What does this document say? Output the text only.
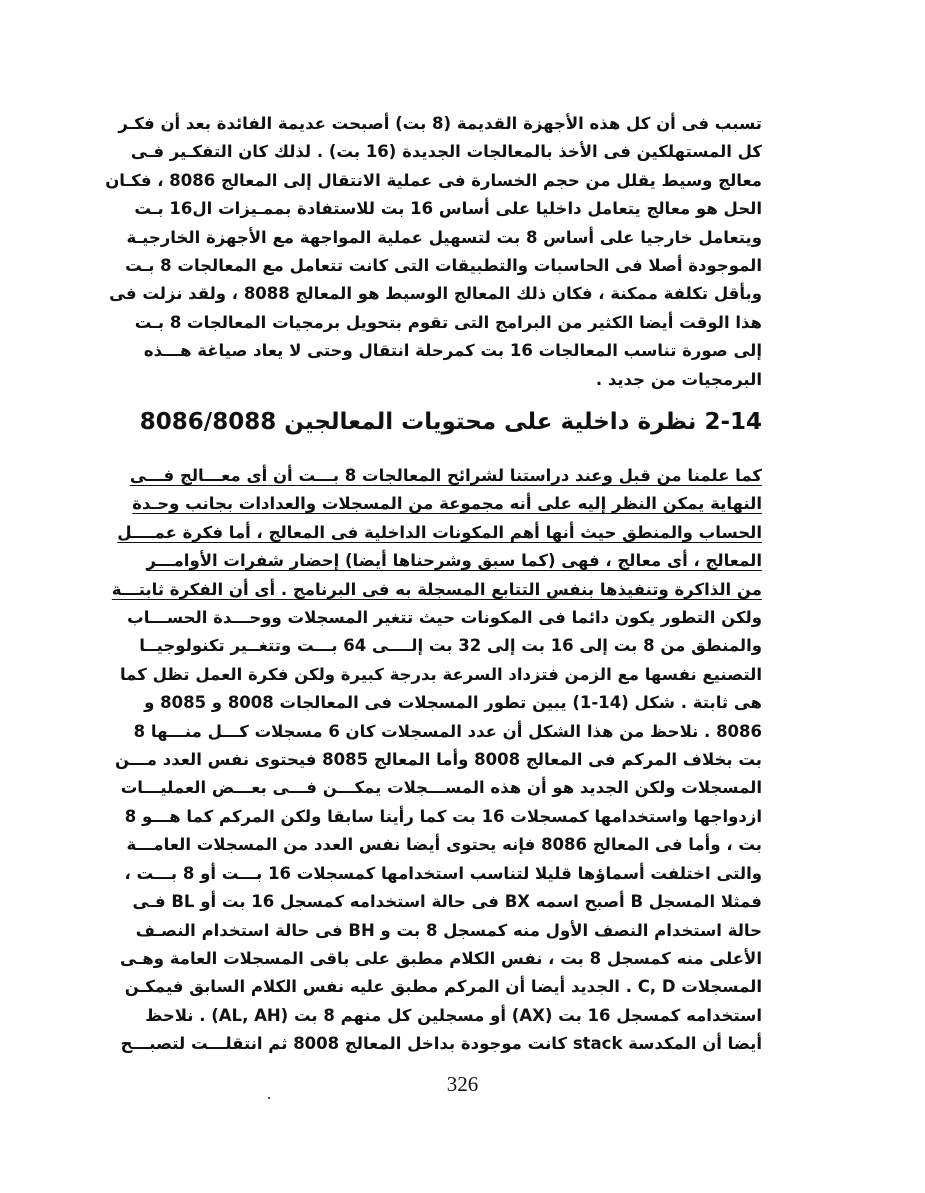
تسبب فى أن كل هذه الأجهزة القديمة (8 بت) أصبحت عديمة الفائدة بعد أن فكـر
كل المستهلكين فى الأخذ بالمعالجات الجديدة (16 بت) . لذلك كان التفكـير فـى
معالج وسيط يقلل من حجم الخسارة فى عملية الانتقال إلى المعالج 8086 ، فكـان
الحل هو معالج يتعامل داخليا على أساس 16 بت للاستفادة بممـيزات ال16 بـت
ويتعامل خارجيا على أساس 8 بت لتسهيل عملية المواجهة مع الأجهزة الخارجيـة
الموجودة أصلا فى الحاسبات والتطبيقات التى كانت تتعامل مع المعالجات 8 بـت
وبأقل تكلفة ممكنة ، فكان ذلك المعالج الوسيط هو المعالج 8088 ، ولقد نزلت فى
هذا الوقت أيضا الكثير من البرامج التى تقوم بتحويل برمجيات المعالجات 8 بـت
إلى صورة تناسب المعالجات 16 بت كمرحلة انتقال وحتى لا يعاد صياغة هـــذه
البرمجيات من جديد .
2-14 نظرة داخلية على محتويات المعالجين 8086/8088
كما علمنا من قبل وعند دراستنا لشرائح المعالجات 8 بـــت أن أى معـــالج فـــى
النهاية يمكن النظر إليه على أنه مجموعة من المسجلات والعدادات بجانب وحـدة
الحساب والمنطق حيث أنها أهم المكونات الداخلية فى المعالج ، أما فكرة عمــــل
المعالج ، أى معالج ، فهى (كما سبق وشرحناها أيضا) إحضار شفرات الأوامـــر
من الذاكرة وتنفيذها بنفس التتابع المسجلة به فى البرنامج . أى أن الفكرة ثابتـــة
ولكن التطور يكون دائما فى المكونات حيث تتغير المسجلات ووحـــدة الحســـاب
والمنطق من 8 بت إلى 16 بت إلى 32 بت إلــــى 64 بـــت وتتغــير تكنولوجيــا
التصنيع نفسها مع الزمن فتزداد السرعة بدرجة كبيرة ولكن فكرة العمل تظل كما
هى ثابتة . شكل (14-1) يبين تطور المسجلات فى المعالجات 8008 و 8085 و
8086 . نلاحظ من هذا الشكل أن عدد المسجلات كان 6 مسجلات كـــل منـــها 8
بت بخلاف المركم فى المعالج 8008 وأما المعالج 8085 فيحتوى نفس العدد مـــن
المسجلات ولكن الجديد هو أن هذه المســـجلات يمكـــن فـــى بعـــض العمليـــات
ازدواجها واستخدامها كمسجلات 16 بت كما رأينا سابقا ولكن المركم كما هـــو 8
بت ، وأما فى المعالج 8086 فإنه يحتوى أيضا نفس العدد من المسجلات العامـــة
والتى اختلفت أسماؤها قليلا لتناسب استخدامها كمسجلات 16 بـــت أو 8 بـــت ،
فمثلا المسجل B أصبح اسمه BX فى حالة استخدامه كمسجل 16 بت أو BL فـى
حالة استخدام النصف الأول منه كمسجل 8 بت و BH فى حالة استخدام النصـف
الأعلى منه كمسجل 8 بت ، نفس الكلام مطبق على باقى المسجلات العامة وهـى
المسجلات C, D . الجديد أيضا أن المركم مطبق عليه نفس الكلام السابق فيمكـن
استخدامه كمسجل 16 بت (AX) أو مسجلين كل منهم 8 بت (AL, AH) . نلاحظ
أيضا أن المكدسة stack كانت موجودة بداخل المعالج 8008 ثم انتقلـــت لتصبـــح
326
